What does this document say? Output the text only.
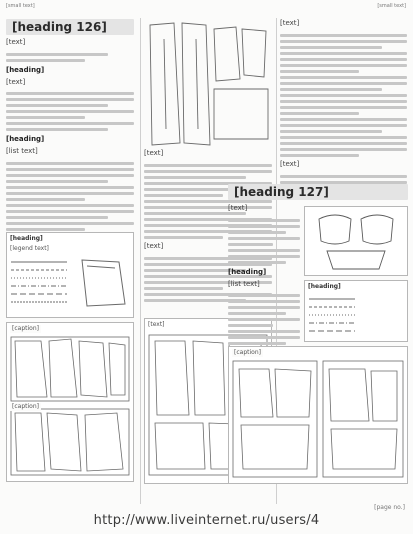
[small text]	[small text]
[heading 126]
[text]
[heading]
[text]
[heading]
[list text]
[heading]
[legend text]
[caption]
[caption]
[text]
[text]
[text]
[text]
[text]
[heading 127]
[text]
[heading]
[list text]	[heading]
[caption]
[page no.]
http://www.liveinternet.ru/users/4
